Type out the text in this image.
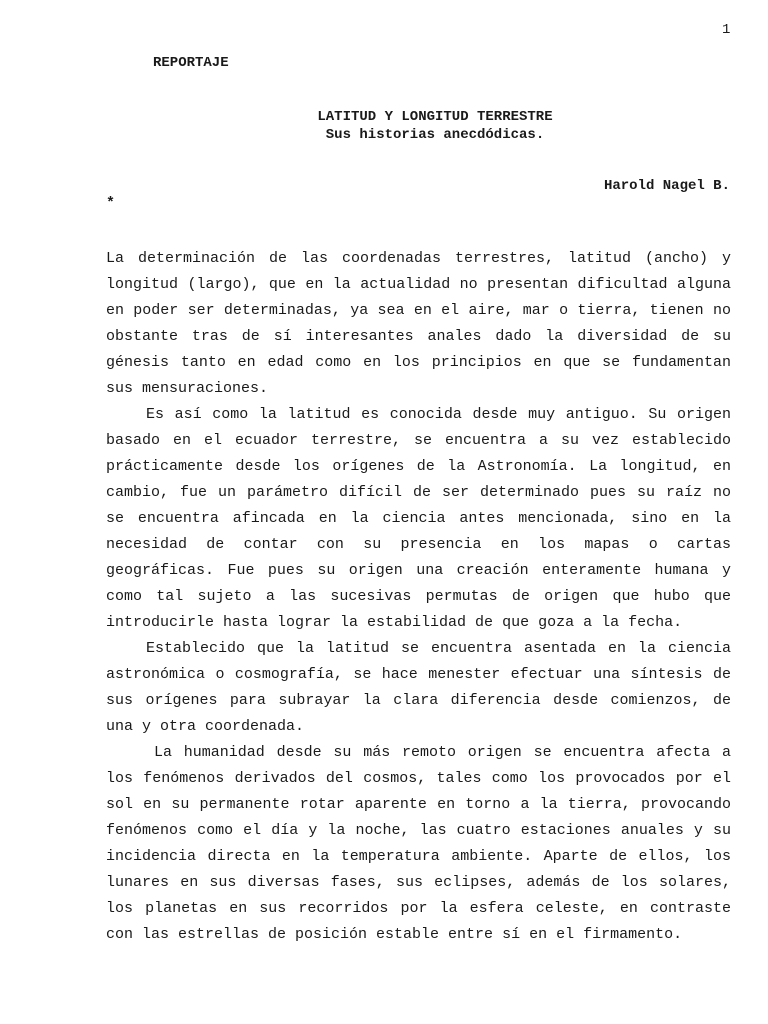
1
REPORTAJE
LATITUD Y LONGITUD TERRESTRE
Sus historias anecdódicas.
Harold Nagel B.
*

La determinación de las coordenadas terrestres, latitud (ancho) y longitud (largo), que en la actualidad no presentan dificultad alguna en poder ser determinadas, ya sea en el aire, mar o tierra, tienen no obstante tras de sí interesantes anales dado la diversidad de su génesis tanto en edad como en los principios en que se fundamentan sus mensuraciones.

Es así como la latitud es conocida desde muy antiguo. Su origen basado en el ecuador terrestre, se encuentra a su vez establecido prácticamente desde los orígenes de la Astronomía. La longitud, en cambio, fue un parámetro difícil de ser determinado pues su raíz no se encuentra afincada en la ciencia antes mencionada, sino en la necesidad de contar con su presencia en los mapas o cartas geográficas. Fue pues su origen una creación enteramente humana y como tal sujeto a las sucesivas permutas de origen que hubo que introducirle hasta lograr la estabilidad de que goza a la fecha.

Establecido que la latitud se encuentra asentada en la ciencia astronómica o cosmografía, se hace menester efectuar una síntesis de sus orígenes para subrayar la clara diferencia desde comienzos, de una y otra coordenada.

La humanidad desde su más remoto origen se encuentra afecta a los fenómenos derivados del cosmos, tales como los provocados por el sol en su permanente rotar aparente en torno a la tierra, provocando fenómenos como el día y la noche, las cuatro estaciones anuales y su incidencia directa en la temperatura ambiente. Aparte de ellos, los lunares en sus diversas fases, sus eclipses, además de los solares, los planetas en sus recorridos por la esfera celeste, en contraste con las estrellas de posición estable entre sí en el firmamento.
